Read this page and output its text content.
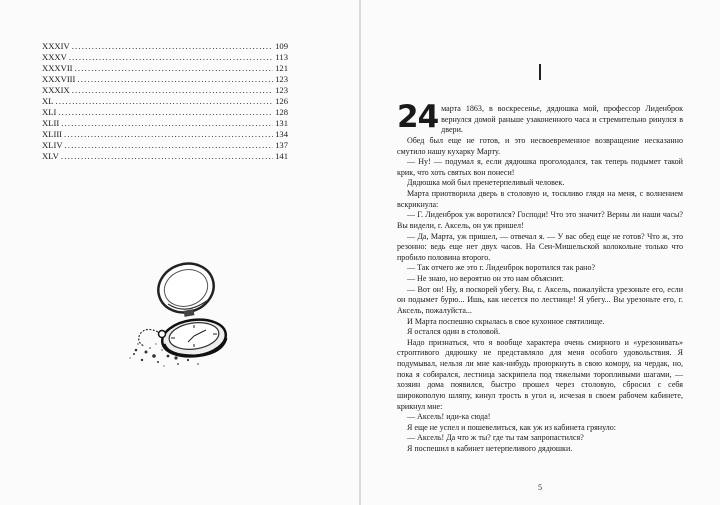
XXXIV .....	109
XXXV .....	113
XXXVII .....	121
XXXVIII .....	123
XXXIX .....	123
XL .....	126
XLI .....	128
XLII .....	131
XLIII .....	134
XLIV .....	137
XLV .....	141

24 марта 1863, в воскресенье, дядюшка мой, профессор Лиденброк вернулся домой раньше узаконенного часа и стремительно ринулся в двери.

Обед был еще не готов, и это несвоевременное возвращение нескaзанно смутило нашу кухарку Марту.

— Ну! — подумал я, если дядюшка проголодался, так теперь подымет такой крик, что хоть святых вон понеси!

Дядюшка мой был пренетерпеливый человек.

Марта приотворила дверь в столовую и, тоскливо глядя на меня, с волнением вскрикнула:

— Г. Лиденброк уж воротился? Господи! Что это значит? Верны ли наши часы? Вы видели, г. Аксель, он уж пришел!

— Да, Марта, уж пришел, — отвечал я. — У вас обед еще не готов? Что ж, это резонно: ведь еще нет двух часов. На Сен-Мишельской колокольне только что пробило половина второго.

— Так отчего же это г. Лиденброк воротился так рано?

— Не знаю, но вероятно он это нам объяснит.

— Вот он! Ну, я поскорей убегу. Вы, г. Аксель, пожалуйста урезоньте его, если он подымет бурю... Ишь, как несется по лестнице! Я убегу... Вы урезоньте его, г. Аксель, пожалуйста...

И Марта поспешно скрылась в свое кухонное святилище.

Я остался один в столовой.

Надо признаться, что я вообще характера очень смирного и «урезонивать» строптивого дядюшку не представлялo для меня особого удовольствия. Я подумывал, нельзя ли мне как-нибудь проюркнуть в свою комору, на чердак, но, пока я собирался, лестница заскрипела под тяжелыми торопливыми шагами, — хозяин дома появился, быстро прошел через столовую, сбросил с себя широкополую шляпу, кинул трость в угол и, исчезая в своем рабочем кабинете, крикнул мне:

— Аксель! иди-ка сюда!

Я еще не успел и пошевелиться, как уж из кабинета грянуло:

— Аксель! Да что ж ты? где ты там запропастился?

Я поспешил в кабинет нетерпеливого дядюшки.

5
